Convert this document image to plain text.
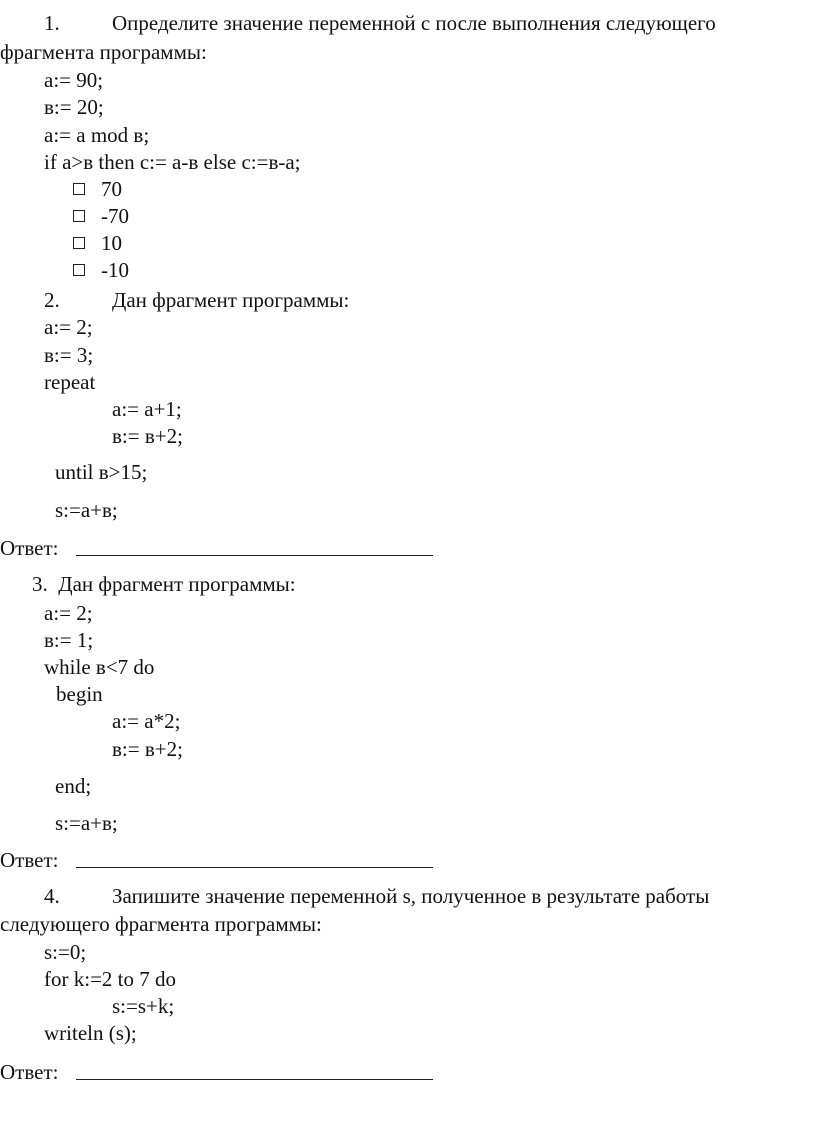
1. Определите значение переменной с после выполнения следующего
фрагмента программы:
a:= 90;
в:= 20;
a:= a mod в;
if a>в then c:= a-в else c:=в-a;
70
-70
10
-10
2. Дан фрагмент программы:
a:= 2;
в:= 3;
repeat
a:= a+1;
в:= в+2;
until в>15;
s:=a+в;
Ответ:
3.  Дан фрагмент программы:
a:= 2;
в:= 1;
while в<7 do
begin
a:= a*2;
в:= в+2;
end;
s:=a+в;
Ответ:
4. Запишите значение переменной s, полученное в результате работы
следующего фрагмента программы:
s:=0;
for k:=2 to 7 do
s:=s+k;
writeln (s);
Ответ:
